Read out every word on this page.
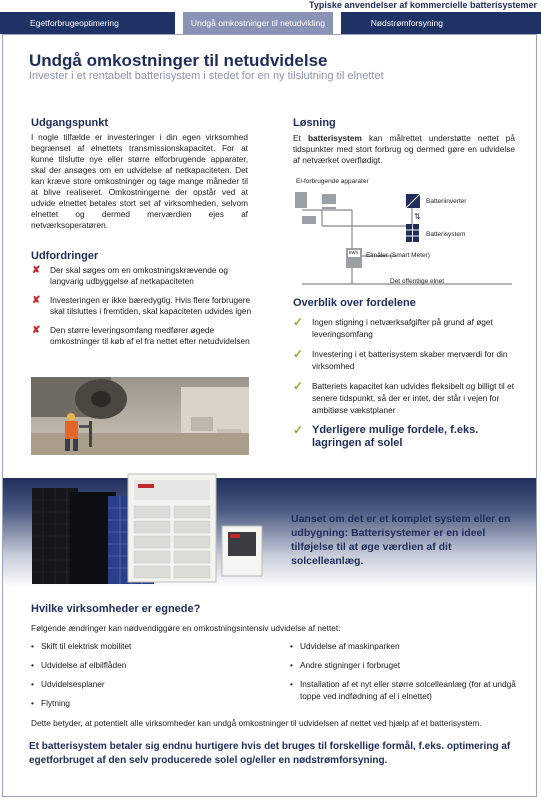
Typiske anvendelser af kommercielle batterisystemer
Egetforbrugeoptimering	Undgå omkostninger til netudvikling	Nødstrømforsyning
Undgå omkostninger til netudvidelse
Invester i et rentabelt batterisystem i stedet for en ny tilslutning til elnettet
Udgangspunkt
I nogle tilfælde er investeringer i din egen virksomhed begrænset af elnettets transmissionskapacitet. For at kunne tilslutte nye eller større elforbrugende apparater, skal der ansøges om en udvidelse af netkapaciteten. Det kan kræve store omkostninger og tage mange måneder til at blive realiseret. Omkostningerne der opstår ved at udvide elnettet betales stort set af virksomheden, selvom elnettet og dermed merværdien ejes af netværksoperatøren.
Udfordringer
✘ Der skal søges om en omkostningskrævende og langvarig udbyggelse af netkapaciteten
✘ Investeringen er ikke bæredygtig. Hvis flere forbrugere skal tilsluttes i fremtiden, skal kapaciteten udvides igen
✘ Den større leveringsomfang medfører øgede omkostninger til køb af el fra nettet efter netudvidelsen
Løsning
Et batterisystem kan målrettet understøtte nettet på tidspunkter med stort forbrug og dermed gøre en udvidelse af netværket overflødigt.
⇅
El-forbrugende apparater
Batteriinverter
Batterisystem
Elmåler (Smart Meter)
kWh
Det offentlige elnet
Overblik over fordelene
✓ Ingen stigning i netværksafgifter på grund af øget leveringsomfang
✓ Investering i et batterisystem skaber merværdi for din virksomhed
✓ Batteriets kapacitet kan udvides fleksibelt og billigt til et senere tidspunkt, så der er intet, der står i vejen for ambitiøse vækstplaner
✓ Yderligere mulige fordele, f.eks. lagringen af solel
Uanset om det er et komplet system eller en udbygning: Batterisystemer er en ideel tilføjelse til at øge værdien af dit solcelleanlæg.
Hvilke virksomheder er egnede?
Følgende ændringer kan nødvendiggøre en omkostningsintensiv udvidelse af nettet:
• Skift til elektrisk mobilitet
• Udvidelse af elbilflåden
• Udvidelsesplaner
• Flytning
• Udvidelse af maskinparken
• Andre stigninger i forbruget
• Installation af et nyt eller større solcelleanlæg (for at undgå toppe ved indfødning af el i elnettet)
Dette betyder, at potentielt alle virksomheder kan undgå omkostninger til udvidelsen af nettet ved hjælp af et batterisystem.
Et batterisystem betaler sig endnu hurtigere hvis det bruges til forskellige formål, f.eks. optimering af egetforbruget af den selv producerede solel og/eller en nødstrømforsyning.
